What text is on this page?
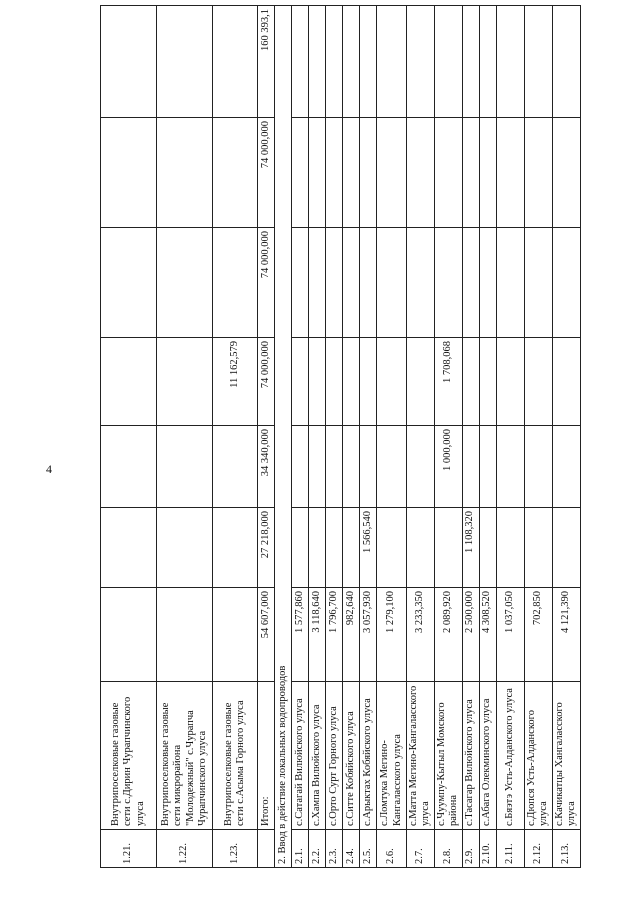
4
1.21.	Внутрипоселковые газовые сети с.Дирин Чурапчинского улуса							
1.22.	Внутрипоселковые газовые сети микрорайона "Молодежный" с.Чурапча Чурапчинского улуса							
1.23.	Внутрипоселковые газовые сети с.Асыма Горного улуса				11 162,579			
	Итого:	54 607,000	27 218,000	34 340,000	74 000,000	74 000,000	74 000,000	160 393,1
2. Ввод в действие локальных водопроводов								
2.1.	с.Сатагай Вилюйского улуса	1 577,860						
2.2.	с.Хампа Вилюйского улуса	3 118,640						
2.3.	с.Орто Сурт Горного улуса	1 796,700						
2.4.	с.Ситте Кобяйского улуса	982,640						
2.5.	с.Арыктах Кобяйского улуса	3 057,930	1 566,540					
2.6.	с.Ломтука Мегино-Кангаласского улуса	1 279,100						
2.7.	с.Матта Мегино-Кангаласского улуса	3 233,350						
2.8.	с.Чуумпу-Кытыл Момского района	2 089,920		1 000,000	1 708,068			
2.9.	с.Тасагар Вилюйского улуса	2 500,000	1 108,320					
2.10.	с.Абага Олекминского улуса	4 308,520						
2.11.	с.Бяэтэ Усть-Алданского улуса	1 037,050						
2.12.	с.Дюпся Усть-Алданского улуса	702,850						
2.13.	с.Качикатцы Хангаласского улуса	4 121,390						
